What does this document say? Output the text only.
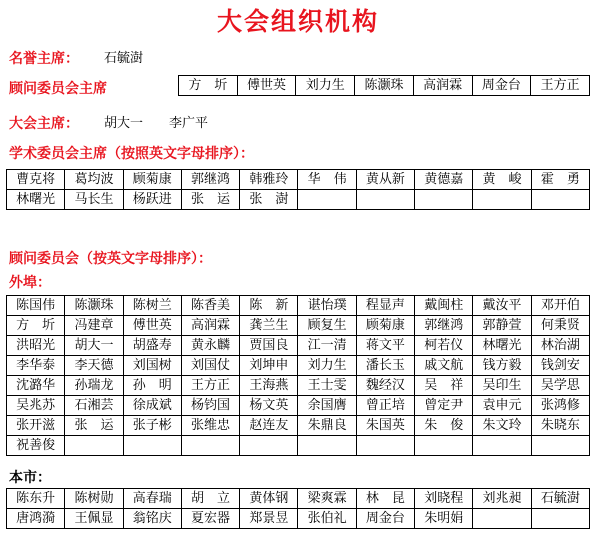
大会组织机构
名誉主席： 石毓澍
顾问委员会主席	方　圻	傅世英	刘力生	陈灏珠	高润霖	周金台	王方正
大会主席： 胡大一　　李广平
学术委员会主席（按照英文字母排序）：
曹克将	葛均波	顾菊康	郭继鸿	韩雅玲	华　伟	黄从新	黄德嘉	黄　峻	霍　勇
林曙光	马长生	杨跃进	张　运	张　澍					
顾问委员会（按英文字母排序）：
外埠：
陈国伟	陈灏珠	陈树兰	陈香美	陈　新	谌怡璞	程显声	戴闽柱	戴汝平	邓开伯
方　圻	冯建章	傅世英	高润霖	龚兰生	顾复生	顾菊康	郭继鸿	郭静萱	何秉贤
洪昭光	胡大一	胡盛寿	黄永麟	贾国良	江一清	蒋文平	柯若仪	林曙光	林治湖
李华泰	李天德	刘国树	刘国仗	刘坤申	刘力生	潘长玉	戚文航	钱方毅	钱剑安
沈潞华	孙瑞龙	孙　明	王方正	王海燕	王士雯	魏经汉	吴　祥	吴印生	吴学思
吴兆苏	石湘芸	徐成斌	杨钧国	杨文英	余国膺	曾正培	曾定尹	袁申元	张鸿修
张开滋	张　运	张子彬	张维忠	赵连友	朱鼎良	朱国英	朱　俊	朱文玲	朱晓东
祝善俊									
本市：
陈东升	陈树勋	高春瑞	胡　立	黄体钢	梁爽霖	林　昆	刘晓程	刘兆昶	石毓澍
唐鸿漪	王佩显	翁铭庆	夏宏器	郑景昱	张伯礼	周金台	朱明娟		
